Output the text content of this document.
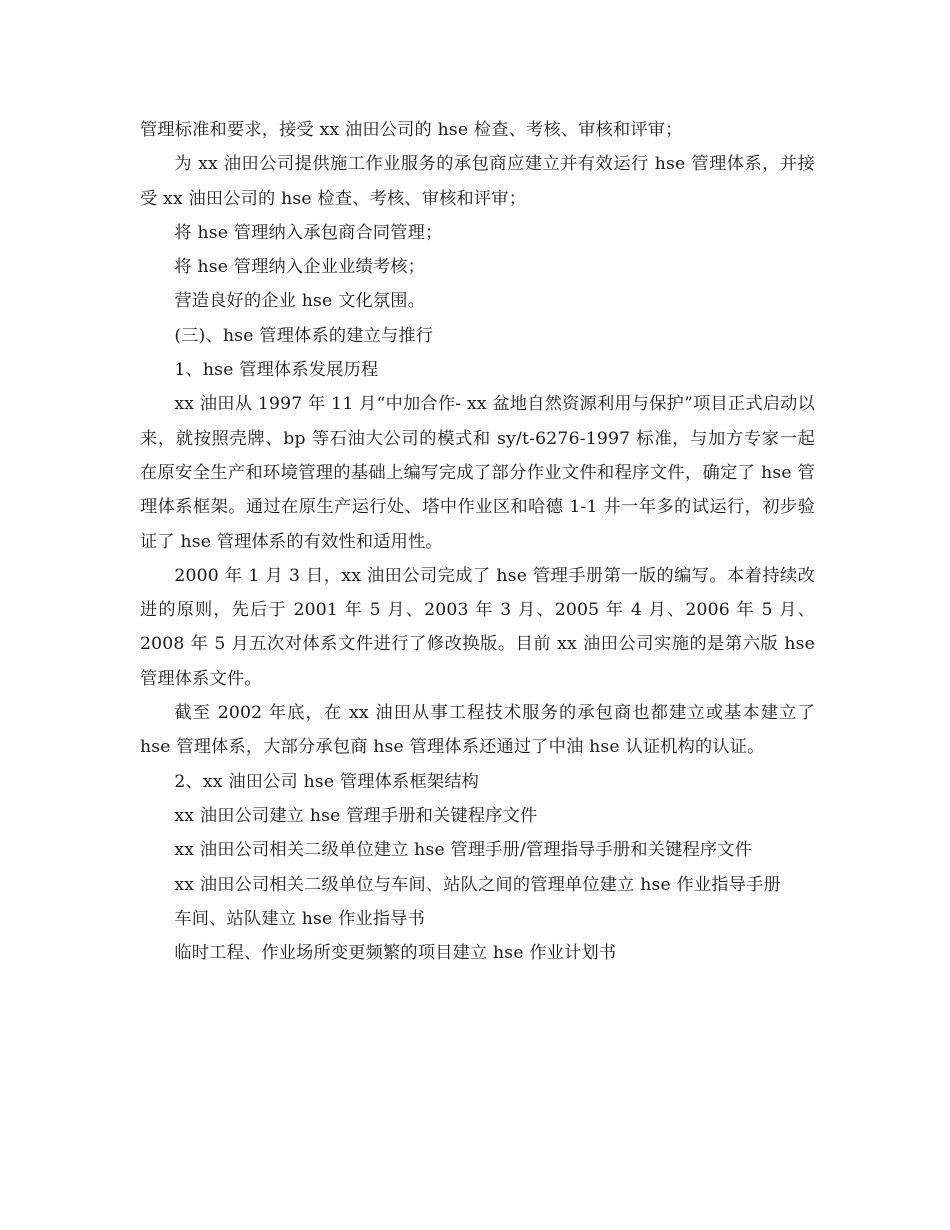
管理标准和要求，接受 xx 油田公司的 hse 检查、考核、审核和评审；

为 xx 油田公司提供施工作业服务的承包商应建立并有效运行 hse 管理体系，并接受 xx 油田公司的 hse 检查、考核、审核和评审；

将 hse 管理纳入承包商合同管理；

将 hse 管理纳入企业业绩考核；

营造良好的企业 hse 文化氛围。

(三)、hse 管理体系的建立与推行

1、hse 管理体系发展历程

xx 油田从 1997 年 11 月“中加合作- xx 盆地自然资源利用与保护”项目正式启动以来，就按照壳牌、bp 等石油大公司的模式和 sy/t-6276-1997 标准，与加方专家一起在原安全生产和环境管理的基础上编写完成了部分作业文件和程序文件，确定了 hse 管理体系框架。通过在原生产运行处、塔中作业区和哈德 1-1 井一年多的试运行，初步验证了 hse 管理体系的有效性和适用性。

2000 年 1 月 3 日，xx 油田公司完成了 hse 管理手册第一版的编写。本着持续改进的原则，先后于 2001 年 5 月、2003 年 3 月、2005 年 4 月、2006 年 5 月、2008 年 5 月五次对体系文件进行了修改换版。目前 xx 油田公司实施的是第六版 hse 管理体系文件。

截至 2002 年底，在 xx 油田从事工程技术服务的承包商也都建立或基本建立了 hse 管理体系，大部分承包商 hse 管理体系还通过了中油 hse 认证机构的认证。

2、xx 油田公司 hse 管理体系框架结构

xx 油田公司建立 hse 管理手册和关键程序文件

xx 油田公司相关二级单位建立 hse 管理手册/管理指导手册和关键程序文件

xx 油田公司相关二级单位与车间、站队之间的管理单位建立 hse 作业指导手册

车间、站队建立 hse 作业指导书

临时工程、作业场所变更频繁的项目建立 hse 作业计划书
